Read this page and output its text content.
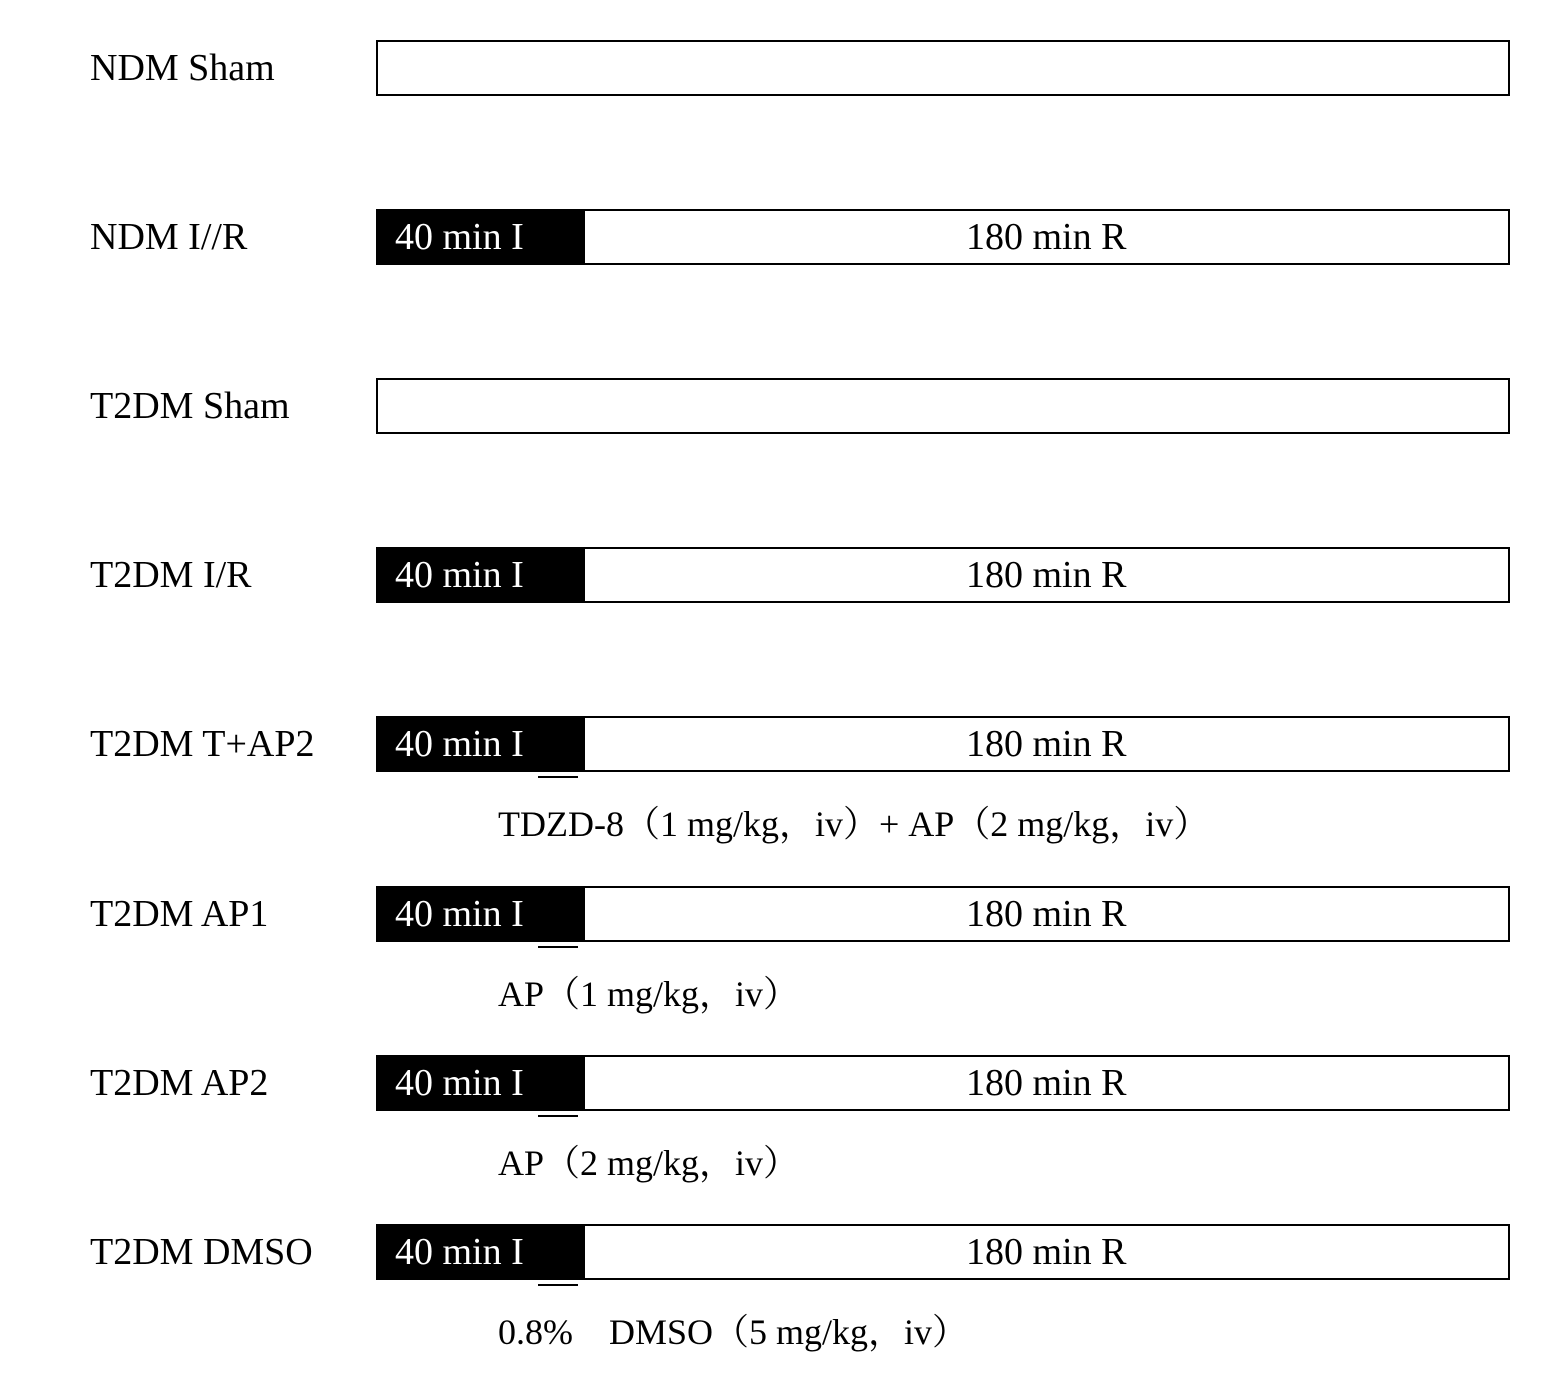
NDM Sham
NDM I//R	40 min I	180 min R
T2DM Sham
T2DM I/R	40 min I	180 min R
T2DM T+AP2	40 min I	180 min R
TDZD-8（1 mg/kg，iv）+ AP（2 mg/kg，iv）
T2DM AP1	40 min I	180 min R
AP（1 mg/kg，iv）
T2DM AP2	40 min I	180 min R
AP（2 mg/kg，iv）
T2DM DMSO	40 min I	180 min R
0.8%　DMSO（5 mg/kg，iv）
